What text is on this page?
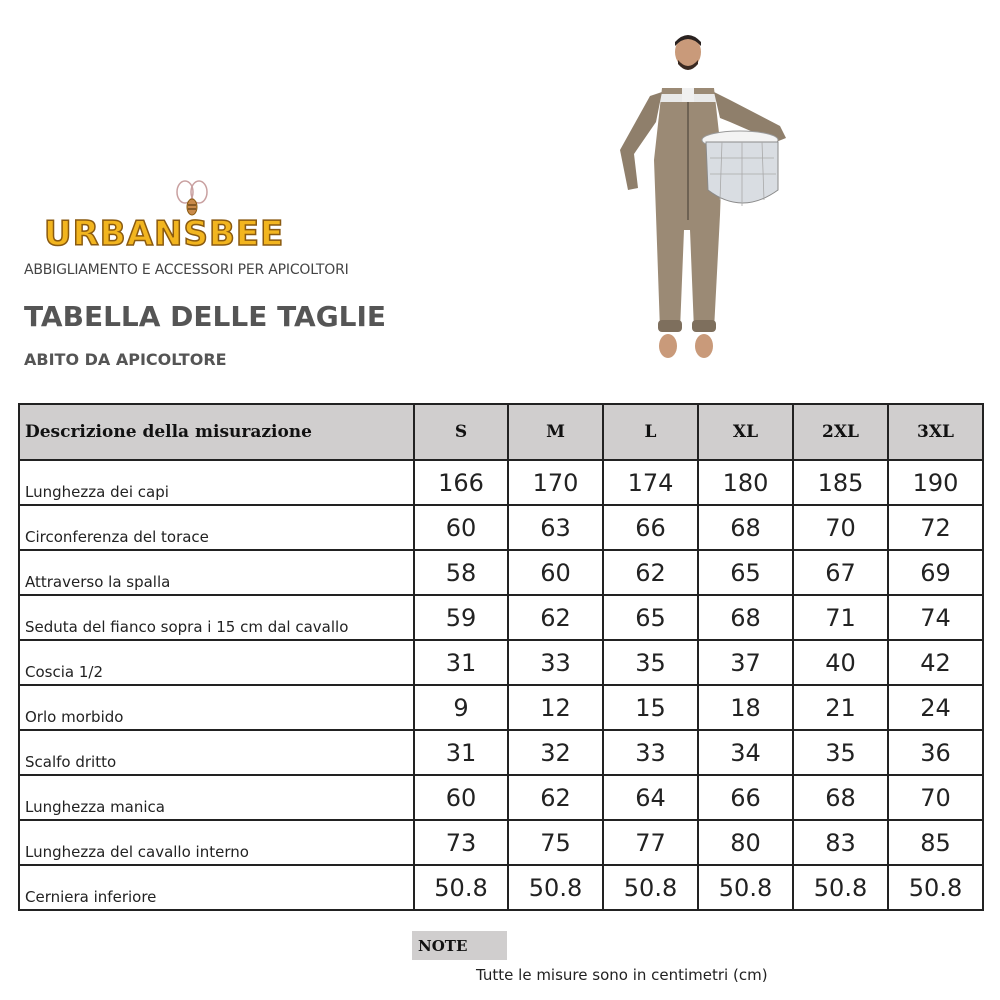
URBANSBEE
ABBIGLIAMENTO E ACCESSORI PER APICOLTORI
TABELLA DELLE TAGLIE
ABITO DA APICOLTORE
Descrizione della misurazione	S	M	L	XL	2XL	3XL
Lunghezza dei capi	166	170	174	180	185	190
Circonferenza del torace	60	63	66	68	70	72
Attraverso la spalla	58	60	62	65	67	69
Seduta del fianco sopra i 15 cm dal cavallo	59	62	65	68	71	74
Coscia 1/2	31	33	35	37	40	42
Orlo morbido	9	12	15	18	21	24
Scalfo dritto	31	32	33	34	35	36
Lunghezza manica	60	62	64	66	68	70
Lunghezza del cavallo interno	73	75	77	80	83	85
Cerniera inferiore	50.8	50.8	50.8	50.8	50.8	50.8
NOTE
Tutte le misure sono in centimetri (cm)
